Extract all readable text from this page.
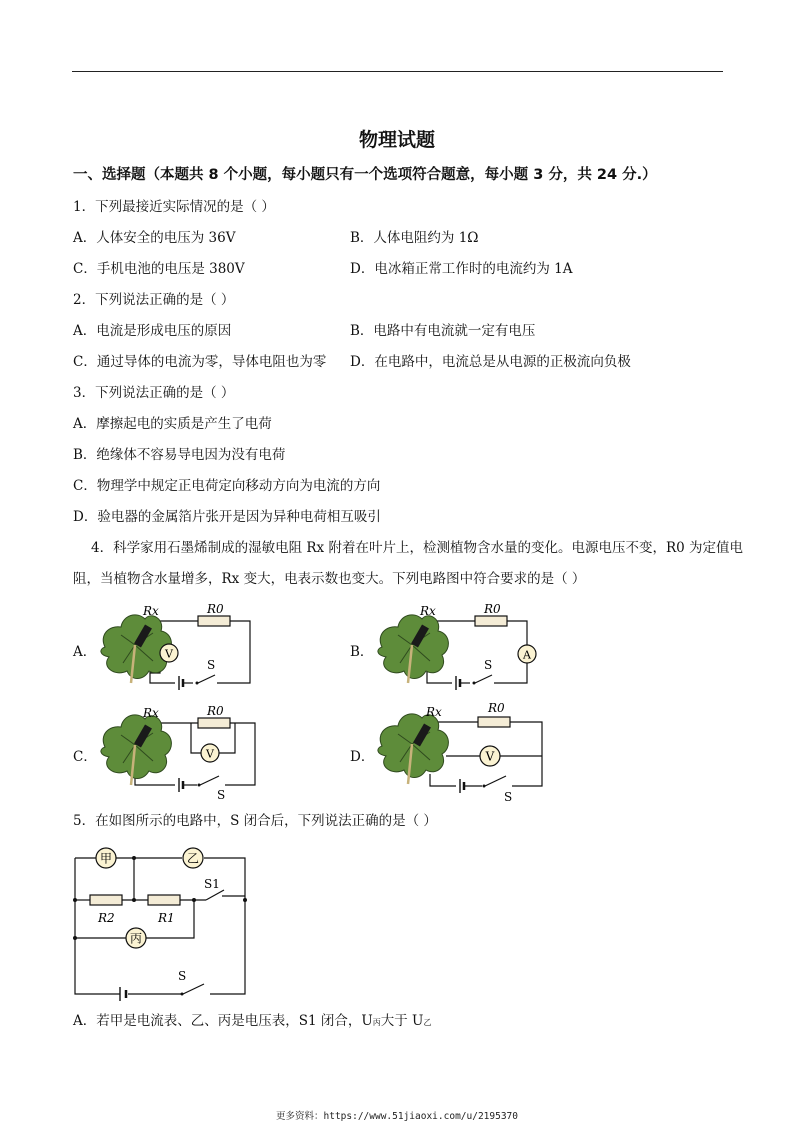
物理试题
一、选择题（本题共 8 个小题，每小题只有一个选项符合题意，每小题 3 分，共 24 分.）
1．下列最接近实际情况的是（ ）
A．人体安全的电压为 36V	B．人体电阻约为 1Ω
C．手机电池的电压是 380V	D．电冰箱正常工作时的电流约为 1A
2．下列说法正确的是（ ）
A．电流是形成电压的原因	B．电路中有电流就一定有电压
C．通过导体的电流为零，导体电阻也为零 D．在电路中，电流总是从电源的正极流向负极
3．下列说法正确的是（ ）
A．摩擦起电的实质是产生了电荷
B．绝缘体不容易导电因为没有电荷
C．物理学中规定正电荷定向移动方向为电流的方向
D．验电器的金属箔片张开是因为异种电荷相互吸引
4．科学家用石墨烯制成的湿敏电阻 Rx 附着在叶片上，检测植物含水量的变化。电源电压不变，R0 为定值电
阻，当植物含水量增多，Rx 变大，电表示数也变大。下列电路图中符合要求的是（ ）
A．	B．
C．	D．
V
S
Rx	R0
A
S
Rx	R0
V
S
Rx	R0
V
S
Rx	R0
5．在如图所示的电路中，S 闭合后，下列说法正确的是（ ）
甲	乙
丙
R2	R1
S1
S
A．若甲是电流表、乙、丙是电压表，S1 闭合，U丙大于 U乙
更多资料：https://www.51jiaoxi.com/u/2195370
